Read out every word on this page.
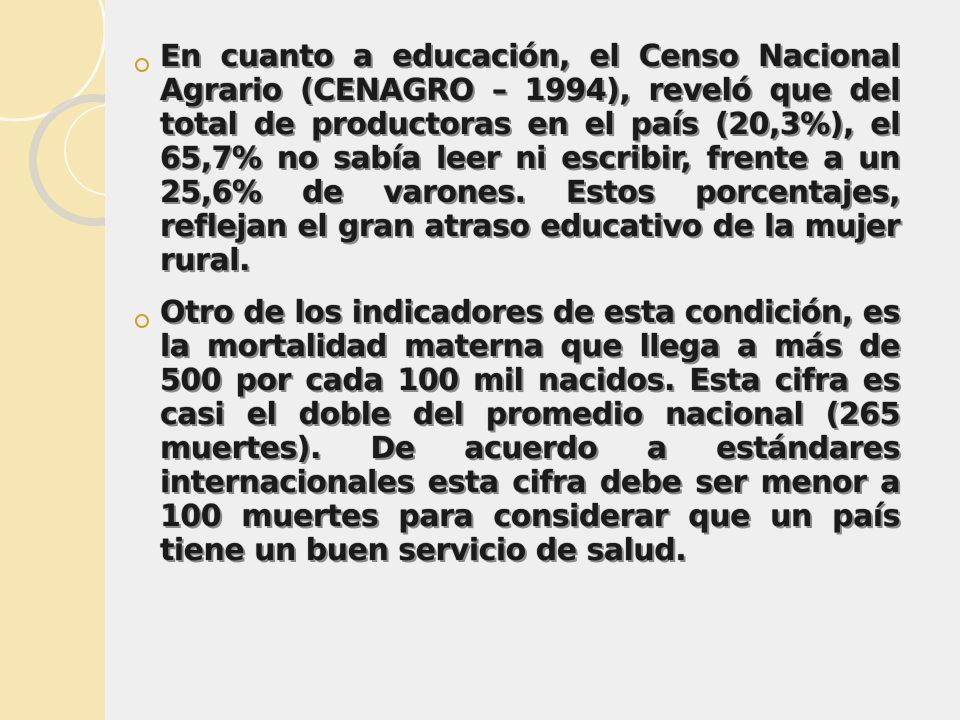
En cuanto a educación, el Censo Nacional Agrario (CENAGRO – 1994), reveló que del total de productoras en el país (20,3%), el 65,7% no sabía leer ni escribir, frente a un 25,6% de varones. Estos porcentajes, reflejan el gran atraso educativo de la mujer rural.

Otro de los indicadores de esta condición, es la mortalidad materna que llega a más de 500 por cada 100 mil nacidos. Esta cifra es casi el doble del promedio nacional (265 muertes). De acuerdo a estándares internacionales esta cifra debe ser menor a 100 muertes para considerar que un país tiene un buen servicio de salud.
